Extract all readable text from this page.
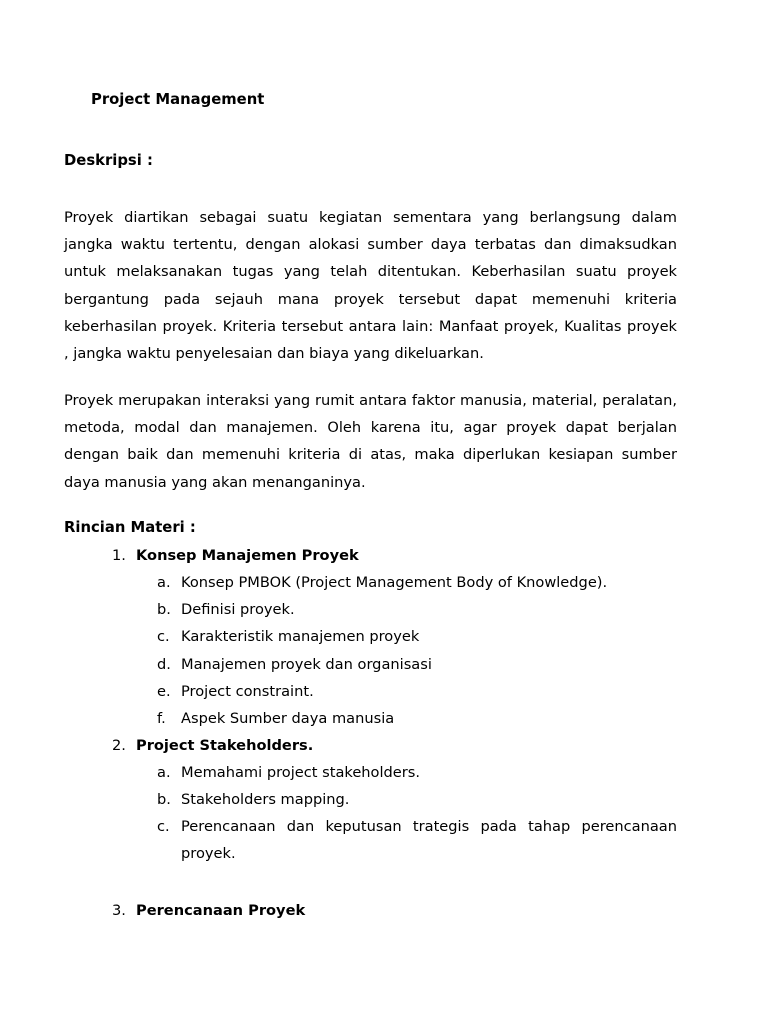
Project Management
Deskripsi :

Proyek diartikan sebagai suatu kegiatan sementara yang berlangsung dalam jangka waktu tertentu, dengan alokasi sumber daya terbatas dan dimaksudkan untuk melaksanakan tugas yang telah ditentukan. Keberhasilan suatu proyek bergantung pada sejauh mana proyek tersebut dapat memenuhi kriteria keberhasilan proyek. Kriteria tersebut antara lain: Manfaat proyek, Kualitas proyek , jangka waktu penyelesaian dan biaya yang dikeluarkan.

Proyek merupakan interaksi yang rumit antara faktor manusia, material, peralatan, metoda, modal dan manajemen. Oleh karena itu, agar proyek dapat berjalan dengan baik dan memenuhi kriteria di atas, maka diperlukan kesiapan sumber daya manusia yang akan menanganinya.

Rincian Materi :
1. Konsep Manajemen Proyek
a. Konsep PMBOK (Project Management Body of Knowledge).
b. Definisi proyek.
c. Karakteristik manajemen proyek
d. Manajemen proyek dan organisasi
e. Project constraint.
f.	Aspek Sumber daya manusia
2. Project Stakeholders.
a. Memahami project stakeholders.
b. Stakeholders mapping.
c. Perencanaan dan keputusan trategis pada tahap perencanaan proyek.
3. Perencanaan Proyek
